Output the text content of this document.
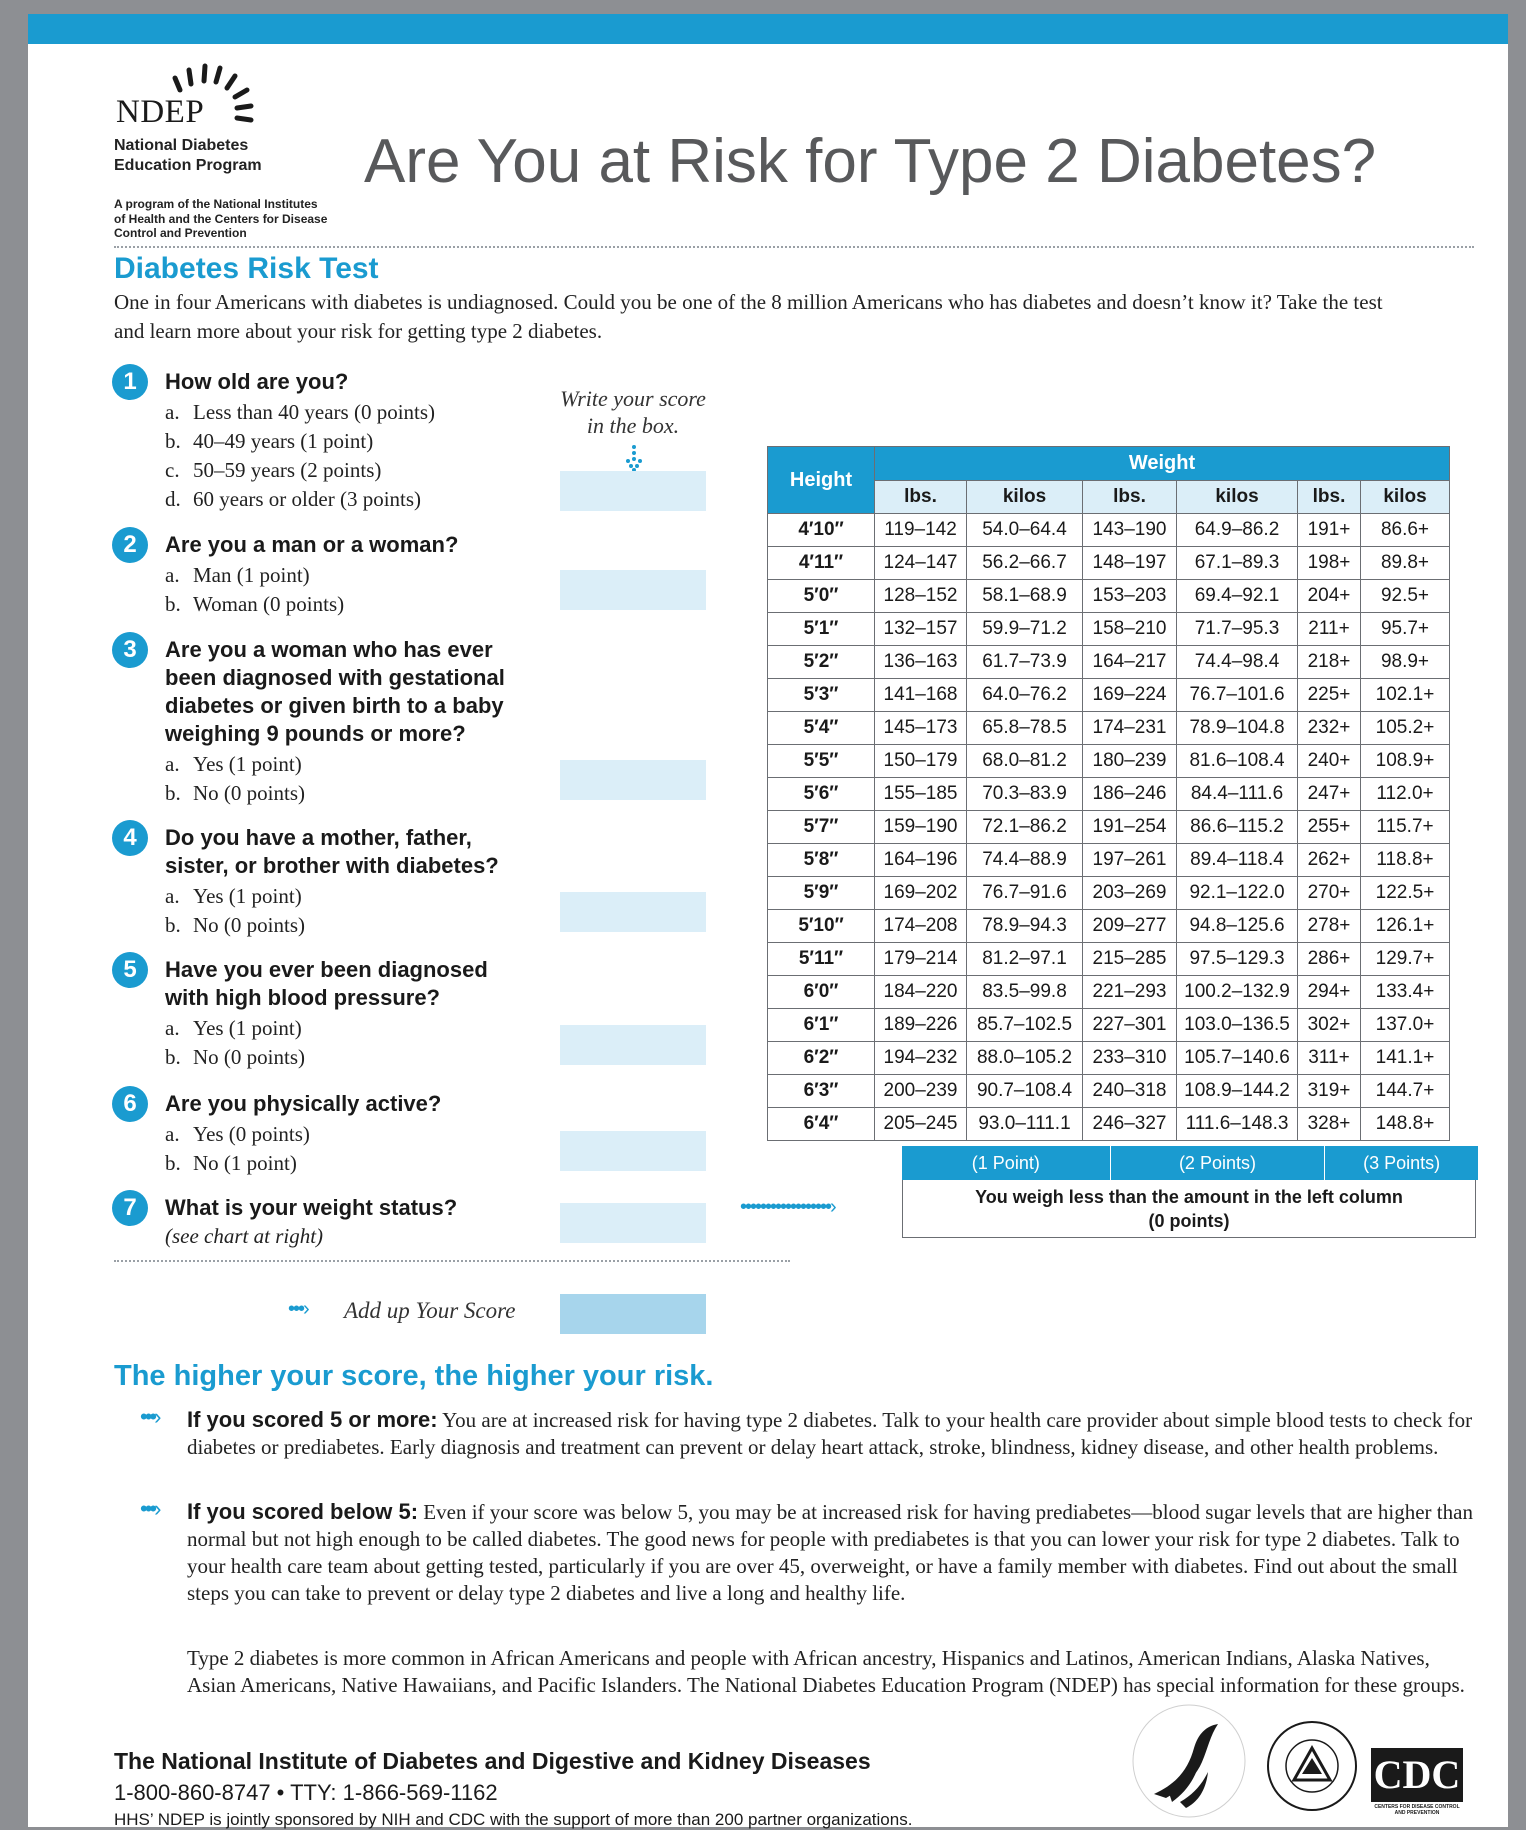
NDEP
National Diabetes
Education Program
A program of the National Institutes
of Health and the Centers for Disease
Control and Prevention
Are You at Risk for Type 2 Diabetes?
Diabetes Risk Test
One in four Americans with diabetes is undiagnosed. Could you be one of the 8 million Americans who has diabetes and doesn’t know it? Take the test and learn more about your risk for getting type 2 diabetes.
Write your score
in the box.
1	How old are you?
a. Less than 40 years (0 points)
b. 40–49 years (1 point)
c. 50–59 years (2 points)
d. 60 years or older (3 points)
2	Are you a man or a woman?
a. Man (1 point)
b. Woman (0 points)
3	Are you a woman who has ever been diagnosed with gestational diabetes or given birth to a baby weighing 9 pounds or more?
a. Yes (1 point)
b. No (0 points)
4	Do you have a mother, father, sister, or brother with diabetes?
a. Yes (1 point)
b. No (0 points)
5	Have you ever been diagnosed with high blood pressure?
a. Yes (1 point)
b. No (0 points)
6	Are you physically active?
a. Yes (0 points)
b. No (1 point)
7	What is your weight status?
(see chart at right)
••••••••••••••••••›
•••› Add up Your Score
Height	Weight					
	lbs.	kilos	lbs.	kilos	lbs.	kilos
4′10″	119–142	54.0–64.4	143–190	64.9–86.2	191+	86.6+
4′11″	124–147	56.2–66.7	148–197	67.1–89.3	198+	89.8+
5′0″	128–152	58.1–68.9	153–203	69.4–92.1	204+	92.5+
5′1″	132–157	59.9–71.2	158–210	71.7–95.3	211+	95.7+
5′2″	136–163	61.7–73.9	164–217	74.4–98.4	218+	98.9+
5′3″	141–168	64.0–76.2	169–224	76.7–101.6	225+	102.1+
5′4″	145–173	65.8–78.5	174–231	78.9–104.8	232+	105.2+
5′5″	150–179	68.0–81.2	180–239	81.6–108.4	240+	108.9+
5′6″	155–185	70.3–83.9	186–246	84.4–111.6	247+	112.0+
5′7″	159–190	72.1–86.2	191–254	86.6–115.2	255+	115.7+
5′8″	164–196	74.4–88.9	197–261	89.4–118.4	262+	118.8+
5′9″	169–202	76.7–91.6	203–269	92.1–122.0	270+	122.5+
5′10″	174–208	78.9–94.3	209–277	94.8–125.6	278+	126.1+
5′11″	179–214	81.2–97.1	215–285	97.5–129.3	286+	129.7+
6′0″	184–220	83.5–99.8	221–293	100.2–132.9	294+	133.4+
6′1″	189–226	85.7–102.5	227–301	103.0–136.5	302+	137.0+
6′2″	194–232	88.0–105.2	233–310	105.7–140.6	311+	141.1+
6′3″	200–239	90.7–108.4	240–318	108.9–144.2	319+	144.7+
6′4″	205–245	93.0–111.1	246–327	111.6–148.3	328+	148.8+
(1 Point)	(2 Points)	(3 Points)
You weigh less than the amount in the left column
(0 points)
The higher your score, the higher your risk.
•••› If you scored 5 or more: You are at increased risk for having type 2 diabetes. Talk to your health care provider about simple blood tests to check for diabetes or prediabetes. Early diagnosis and treatment can prevent or delay heart attack, stroke, blindness, kidney disease, and other health problems.
•••› If you scored below 5: Even if your score was below 5, you may be at increased risk for having prediabetes—blood sugar levels that are higher than normal but not high enough to be called diabetes. The good news for people with prediabetes is that you can lower your risk for type 2 diabetes. Talk to your health care team about getting tested, particularly if you are over 45, overweight, or have a family member with diabetes. Find out about the small steps you can take to prevent or delay type 2 diabetes and live a long and healthy life.
Type 2 diabetes is more common in African Americans and people with African ancestry, Hispanics and Latinos, American Indians, Alaska Natives, Asian Americans, Native Hawaiians, and Pacific Islanders. The National Diabetes Education Program (NDEP) has special information for these groups.
The National Institute of Diabetes and Digestive and Kidney Diseases
1-800-860-8747 • TTY: 1-866-569-1162
HHS’ NDEP is jointly sponsored by NIH and CDC with the support of more than 200 partner organizations.
CDC
CENTERS FOR DISEASE CONTROL AND PREVENTION
